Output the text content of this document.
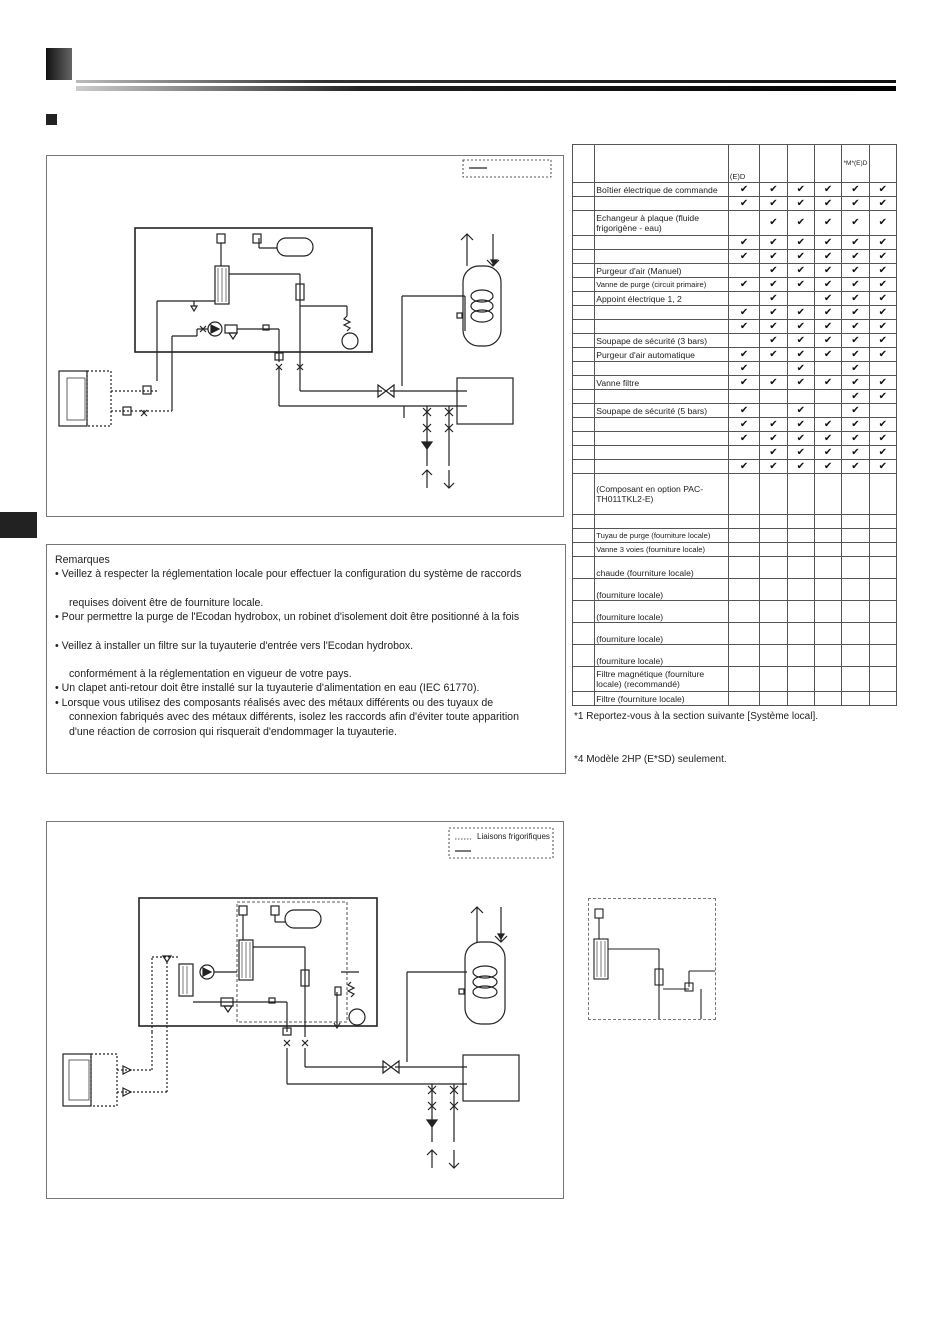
		(E)D				*M*(E)D	
	Boîtier électrique de commande	✔	✔	✔	✔	✔	✔
		✔	✔	✔	✔	✔	✔
	Echangeur à plaque (fluide frigorigène - eau)		✔	✔	✔	✔	✔
		✔	✔	✔	✔	✔	✔
		✔	✔	✔	✔	✔	✔
	Purgeur d'air (Manuel)		✔	✔	✔	✔	✔
	Vanne de purge (circuit primaire)	✔	✔	✔	✔	✔	✔
	Appoint électrique 1, 2		✔		✔	✔	✔
		✔	✔	✔	✔	✔	✔
		✔	✔	✔	✔	✔	✔
	Soupape de sécurité (3 bars)		✔	✔	✔	✔	✔
	Purgeur d'air automatique	✔	✔	✔	✔	✔	✔
		✔		✔		✔	
	Vanne filtre	✔	✔	✔	✔	✔	✔
						✔	✔
	Soupape de sécurité (5 bars)	✔		✔		✔	
		✔	✔	✔	✔	✔	✔
		✔	✔	✔	✔	✔	✔
			✔	✔	✔	✔	✔
		✔	✔	✔	✔	✔	✔
	(Composant en option PAC-TH011TKL2-E)						

	Tuyau de purge (fourniture locale)						
	Vanne 3 voies (fourniture locale)						
	chaude (fourniture locale)						
	(fourniture locale)						
	(fourniture locale)						
	(fourniture locale)						
	(fourniture locale)						
	Filtre magnétique (fourniture locale) (recommandé)						
	Filtre (fourniture locale)						

Remarques

• Veillez à respecter la réglementation locale pour effectuer la configuration du système de raccords

requises doivent être de fourniture locale.

• Pour permettre la purge de l'Ecodan hydrobox, un robinet d'isolement doit être positionné à la fois

• Veillez à installer un filtre sur la tuyauterie d'entrée vers l'Ecodan hydrobox.

conformément à la réglementation en vigueur de votre pays.

• Un clapet anti-retour doit être installé sur la tuyauterie d'alimentation en eau (IEC 61770).

• Lorsque vous utilisez des composants réalisés avec des métaux différents ou des tuyaux de

connexion fabriqués avec des métaux différents, isolez les raccords afin d'éviter toute apparition

d'une réaction de corrosion qui risquerait d'endommager la tuyauterie.

*1 Reportez-vous à la section suivante [Système local].
*4 Modèle 2HP (E*SD) seulement.
Liaisons frigorifiques
